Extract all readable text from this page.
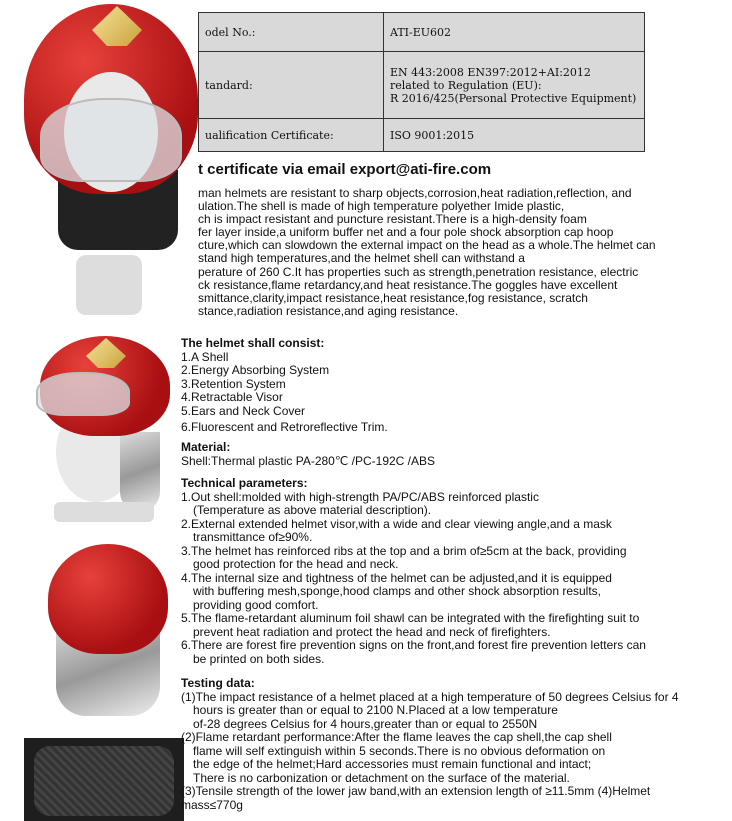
odel No.:	ATI-EU602
tandard:	EN 443:2008 EN397:2012+AI:2012
related to Regulation (EU):
R 2016/425(Personal Protective Equipment)

ualification Certificate:	ISO 9001:2015
t certificate via email export@ati-fire.com
man helmets are resistant to sharp objects,corrosion,heat radiation,reflection, and
ulation.The shell is made of high temperature polyether Imide plastic,
ch is impact resistant and puncture resistant.There is a high-density foam
fer layer inside,a uniform buffer net and a four pole shock absorption cap hoop
cture,which can slowdown the external impact on the head as a whole.The helmet can
stand high temperatures,and the helmet shell can withstand a
perature of 260 C.It has properties such as strength,penetration resistance, electric
ck resistance,flame retardancy,and heat resistance.The goggles have excellent
smittance,clarity,impact resistance,heat resistance,fog resistance, scratch
stance,radiation resistance,and aging resistance.
The helmet shall consist:
1.A Shell
2.Energy Absorbing System
3.Retention System
4.Retractable Visor
5.Ears and Neck Cover
6.Fluorescent and Retroreflective Trim.
Material:
Shell:Thermal plastic PA-280℃ /PC-192C /ABS
Technical parameters:
1.Out shell:molded with high-strength PA/PC/ABS reinforced plastic
(Temperature as above material description).
2.External extended helmet visor,with a wide and clear viewing angle,and a mask
transmittance of≥90%.
3.The helmet has reinforced ribs at the top and a brim of≥5cm at the back, providing
good protection for the head and neck.
4.The internal size and tightness of the helmet can be adjusted,and it is equipped
with buffering mesh,sponge,hood clamps and other shock absorption results,
providing good comfort.
5.The flame-retardant aluminum foil shawl can be integrated with the firefighting suit to
prevent heat radiation and protect the head and neck of firefighters.
6.There are forest fire prevention signs on the front,and forest fire prevention letters can
be printed on both sides.
Testing data:
(1)The impact resistance of a helmet placed at a high temperature of 50 degrees Celsius for 4
hours is greater than or equal to 2100 N.Placed at a low temperature
of-28 degrees Celsius for 4 hours,greater than or equal to 2550N
(2)Flame retardant performance:After the flame leaves the cap shell,the cap shell
flame will self extinguish within 5 seconds.There is no obvious deformation on
the edge of the helmet;Hard accessories must remain functional and intact;
There is no carbonization or detachment on the surface of the material.
(3)Tensile strength of the lower jaw band,with an extension length of ≥11.5mm (4)Helmet
mass≤770g
